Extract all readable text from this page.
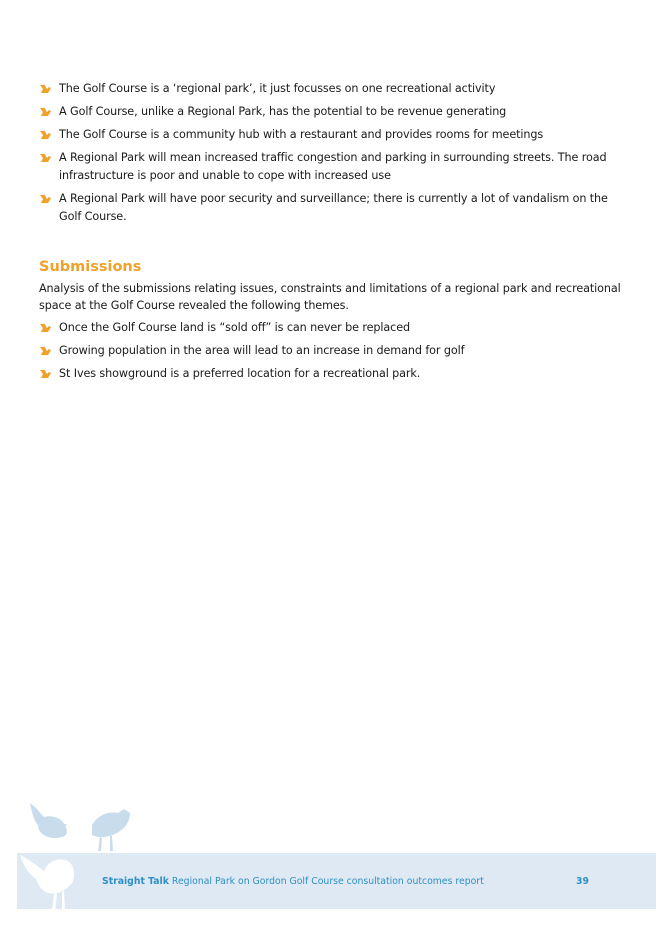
The Golf Course is a ‘regional park’, it just focusses on one recreational activity
A Golf Course, unlike a Regional Park, has the potential to be revenue generating
The Golf Course is a community hub with a restaurant and provides rooms for meetings
A Regional Park will mean increased traffic congestion and parking in surrounding streets. The road infrastructure is poor and unable to cope with increased use
A Regional Park will have poor security and surveillance; there is currently a lot of vandalism on the Golf Course.
Submissions

Analysis of the submissions relating issues, constraints and limitations of a regional park and recreational space at the Golf Course revealed the following themes.

Once the Golf Course land is “sold off” is can never be replaced
Growing population in the area will lead to an increase in demand for golf
St Ives showground is a preferred location for a recreational park.
Straight Talk Regional Park on Gordon Golf Course consultation outcomes report	39
